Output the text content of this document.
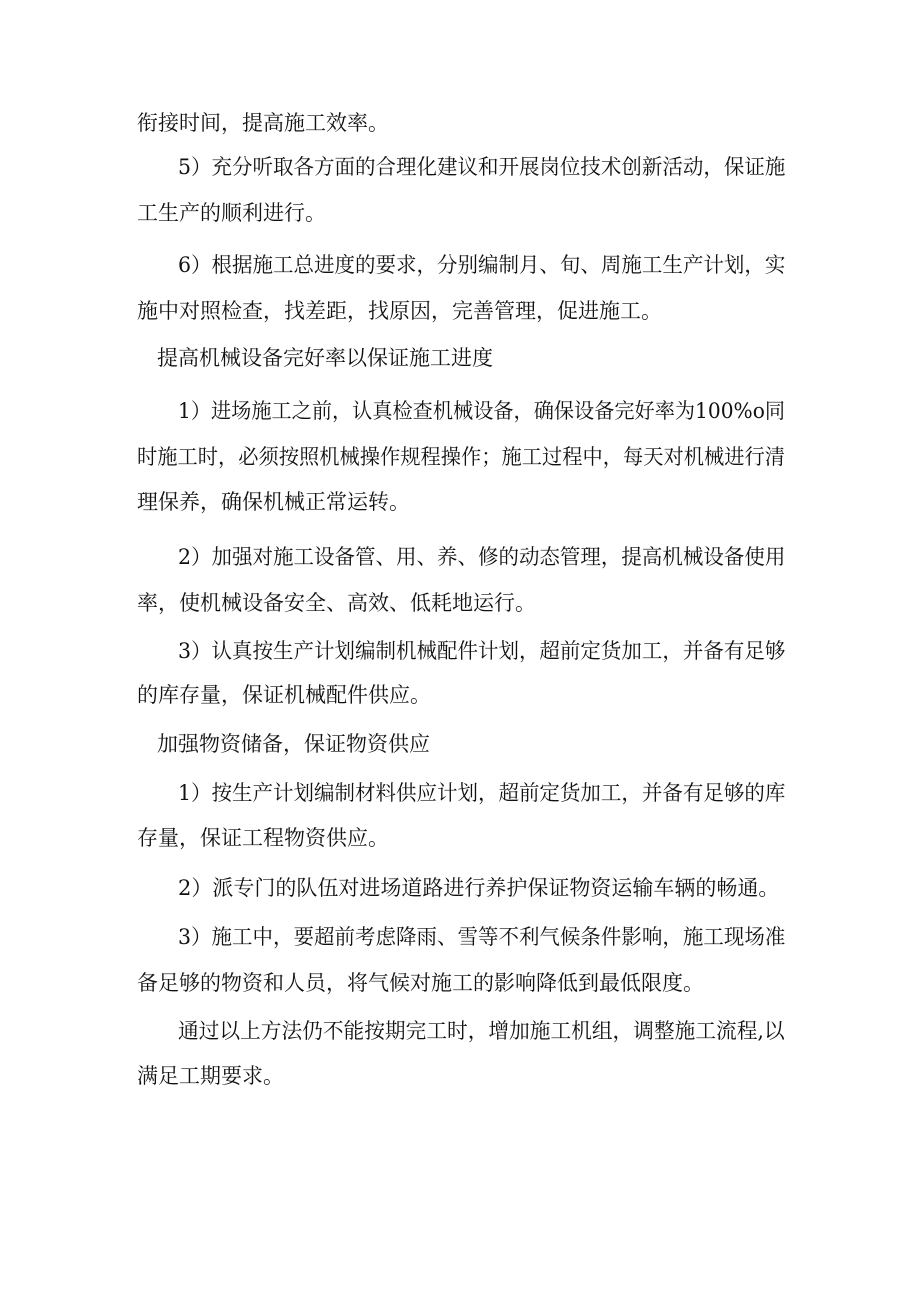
衔接时间，提高施工效率。
5）充分听取各方面的合理化建议和开展岗位技术创新活动，保证施
工生产的顺利进行。
6）根据施工总进度的要求，分别编制月、旬、周施工生产计划，实
施中对照检查，找差距，找原因，完善管理，促进施工。
提高机械设备完好率以保证施工进度
1）进场施工之前，认真检查机械设备，确保设备完好率为100%o同
时施工时，必须按照机械操作规程操作；施工过程中，每天对机械进行清
理保养，确保机械正常运转。
2）加强对施工设备管、用、养、修的动态管理，提高机械设备使用
率，使机械设备安全、高效、低耗地运行。
3）认真按生产计划编制机械配件计划，超前定货加工，并备有足够
的库存量，保证机械配件供应。
加强物资储备，保证物资供应
1）按生产计划编制材料供应计划，超前定货加工，并备有足够的库
存量，保证工程物资供应。
2）派专门的队伍对进场道路进行养护保证物资运输车辆的畅通。
3）施工中，要超前考虑降雨、雪等不利气候条件影响，施工现场准
备足够的物资和人员，将气候对施工的影响降低到最低限度。
通过以上方法仍不能按期完工时，增加施工机组，调整施工流程,以
满足工期要求。
